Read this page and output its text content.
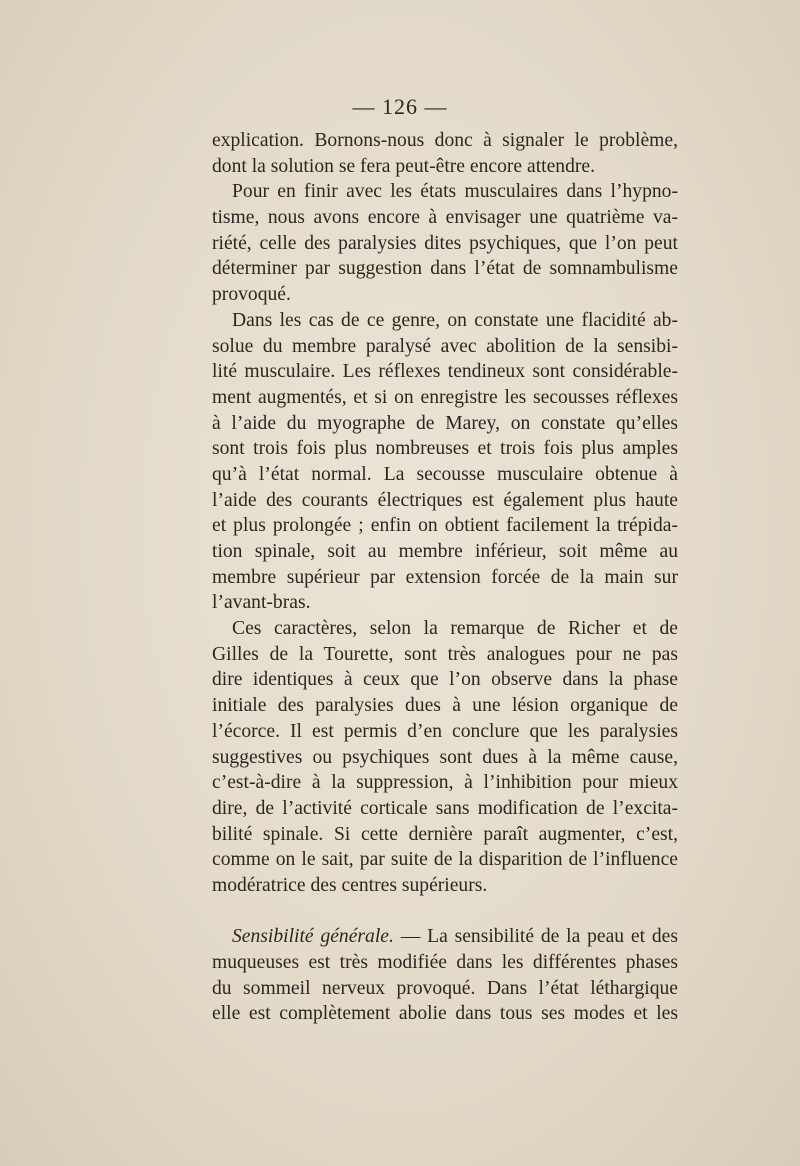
— 126 —
explication. Bornons-nous donc à signaler le problème,
dont la solution se fera peut-être encore attendre.
Pour en finir avec les états musculaires dans l’hypno-
tisme, nous avons encore à envisager une quatrième va-
riété, celle des paralysies dites psychiques, que l’on peut
déterminer par suggestion dans l’état de somnambulisme
provoqué.
Dans les cas de ce genre, on constate une flacidité ab-
solue du membre paralysé avec abolition de la sensibi-
lité musculaire. Les réflexes tendineux sont considérable-
ment augmentés, et si on enregistre les secousses réflexes
à l’aide du myographe de Marey, on constate qu’elles
sont trois fois plus nombreuses et trois fois plus amples
qu’à l’état normal. La secousse musculaire obtenue à
l’aide des courants électriques est également plus haute
et plus prolongée ; enfin on obtient facilement la trépida-
tion spinale, soit au membre inférieur, soit même au
membre supérieur par extension forcée de la main sur
l’avant-bras.
Ces caractères, selon la remarque de Richer et de
Gilles de la Tourette, sont très analogues pour ne pas
dire identiques à ceux que l’on observe dans la phase
initiale des paralysies dues à une lésion organique de
l’écorce. Il est permis d’en conclure que les paralysies
suggestives ou psychiques sont dues à la même cause,
c’est-à-dire à la suppression, à l’inhibition pour mieux
dire, de l’activité corticale sans modification de l’excita-
bilité spinale. Si cette dernière paraît augmenter, c’est,
comme on le sait, par suite de la disparition de l’influence
modératrice des centres supérieurs.
Sensibilité générale. — La sensibilité de la peau et des
muqueuses est très modifiée dans les différentes phases
du sommeil nerveux provoqué. Dans l’état léthargique
elle est complètement abolie dans tous ses modes et les
